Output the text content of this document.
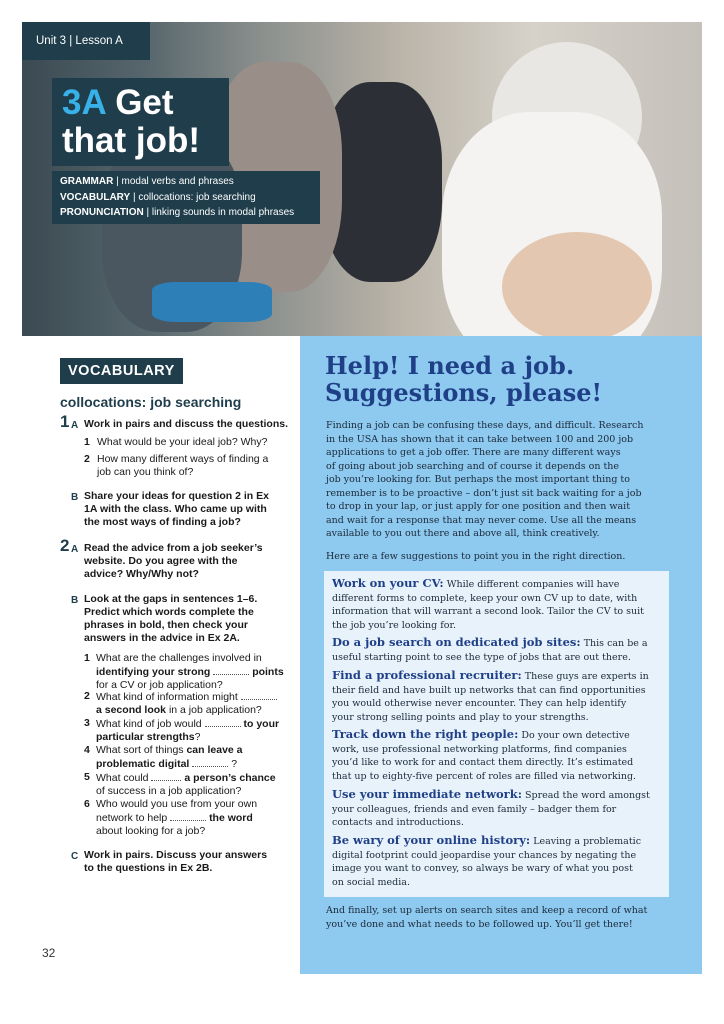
Unit 3 | Lesson A
3A Get
that job!
GRAMMAR | modal verbs and phrases
VOCABULARY | collocations: job searching
PRONUNCIATION | linking sounds in modal phrases
VOCABULARY
collocations: job searching
1 A Work in pairs and discuss the questions.
1 What would be your ideal job? Why?
2 How many different ways of finding a job can you think of?
B Share your ideas for question 2 in Ex 1A with the class. Who came up with the most ways of finding a job?
2 A Read the advice from a job seeker’s website. Do you agree with the advice? Why/Why not?
B Look at the gaps in sentences 1–6. Predict which words complete the phrases in bold, then check your answers in the advice in Ex 2A.
1 What are the challenges involved in
identifying your strong	points
for a CV or job application?
2 What kind of information might
a second look in a job application?
3 What kind of job would	to your
particular strengths?
4 What sort of things can leave a
problematic digital	?
5 What could	a person’s chance
of success in a job application?
6 Who would you use from your own
network to help	the word
about looking for a job?
C Work in pairs. Discuss your answers to the questions in Ex 2B.
32
Help! I need a job.
Suggestions, please!
Finding a job can be confusing these days, and difficult. Research
in the USA has shown that it can take between 100 and 200 job
applications to get a job offer. There are many different ways
of going about job searching and of course it depends on the
job you’re looking for. But perhaps the most important thing to
remember is to be proactive – don’t just sit back waiting for a job
to drop in your lap, or just apply for one position and then wait
and wait for a response that may never come. Use all the means
available to you out there and above all, think creatively.
Here are a few suggestions to point you in the right direction.
Work on your CV: While different companies will have
different forms to complete, keep your own CV up to date, with
information that will warrant a second look. Tailor the CV to suit
the job you’re looking for.
Do a job search on dedicated job sites: This can be a
useful starting point to see the type of jobs that are out there.
Find a professional recruiter: These guys are experts in
their field and have built up networks that can find opportunities
you would otherwise never encounter. They can help identify
your strong selling points and play to your strengths.
Track down the right people: Do your own detective
work, use professional networking platforms, find companies
you’d like to work for and contact them directly. It’s estimated
that up to eighty-five percent of roles are filled via networking.
Use your immediate network: Spread the word amongst
your colleagues, friends and even family – badger them for
contacts and introductions.
Be wary of your online history: Leaving a problematic
digital footprint could jeopardise your chances by negating the
image you want to convey, so always be wary of what you post
on social media.
And finally, set up alerts on search sites and keep a record of what
you’ve done and what needs to be followed up. You’ll get there!
